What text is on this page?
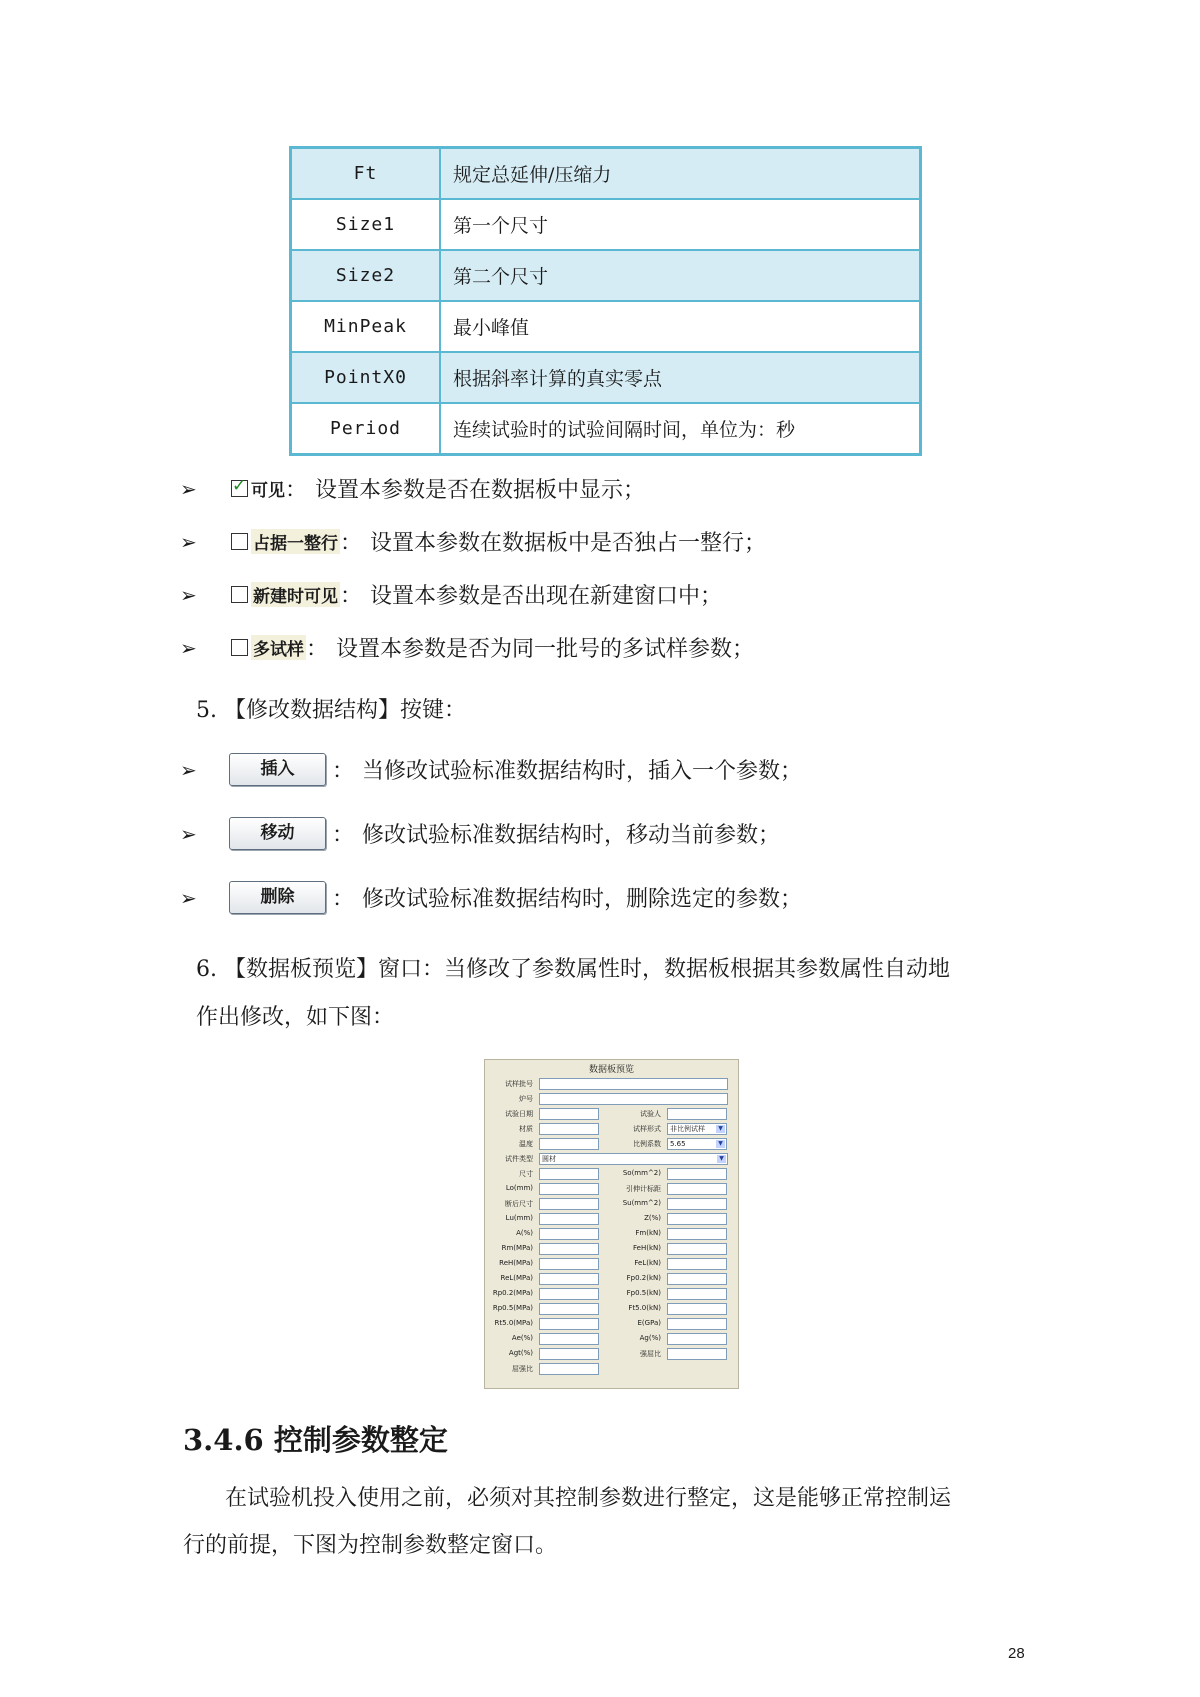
Ft	规定总延伸/压缩力
Size1	第一个尺寸
Size2	第二个尺寸
MinPeak	最小峰值
PointX0	根据斜率计算的真实零点
Period	连续试验时的试验间隔时间，单位为：秒
➢ ✓	可见 ： 设置本参数是否在数据板中显示；
➢	占据一整行 ： 设置本参数在数据板中是否独占一整行；
➢	新建时可见 ： 设置本参数是否出现在新建窗口中；
➢	多试样 ： 设置本参数是否为同一批号的多试样参数；
5. 【修改数据结构】按键：
➢	插入	： 当修改试验标准数据结构时，插入一个参数；
➢	移动	： 修改试验标准数据结构时，移动当前参数；
➢	删除	： 修改试验标准数据结构时，删除选定的参数；
6. 【数据板预览】窗口：当修改了参数属性时，数据板根据其参数属性自动地
作出修改，如下图：
数据板预览
试样批号
炉号
试验日期	试验人
材质	试样形式	非比例试样	▼
温度	比例系数	5.65	▼
试件类型	圆材	▼
尺寸	So(mm^2)
Lo(mm)	引伸计标距
断后尺寸	Su(mm^2)
Lu(mm)	Z(%)
A(%)	Fm(kN)
Rm(MPa)	FeH(kN)
ReH(MPa)	FeL(kN)
ReL(MPa)	Fp0.2(kN)
Rp0.2(MPa)	Fp0.5(kN)
Rp0.5(MPa)	Ft5.0(kN)
Rt5.0(MPa)	E(GPa)
Ae(%)	Ag(%)
Agt(%)	强屈比
屈强比
3.4.6 控制参数整定
在试验机投入使用之前，必须对其控制参数进行整定，这是能够正常控制运
行的前提，下图为控制参数整定窗口。
28
